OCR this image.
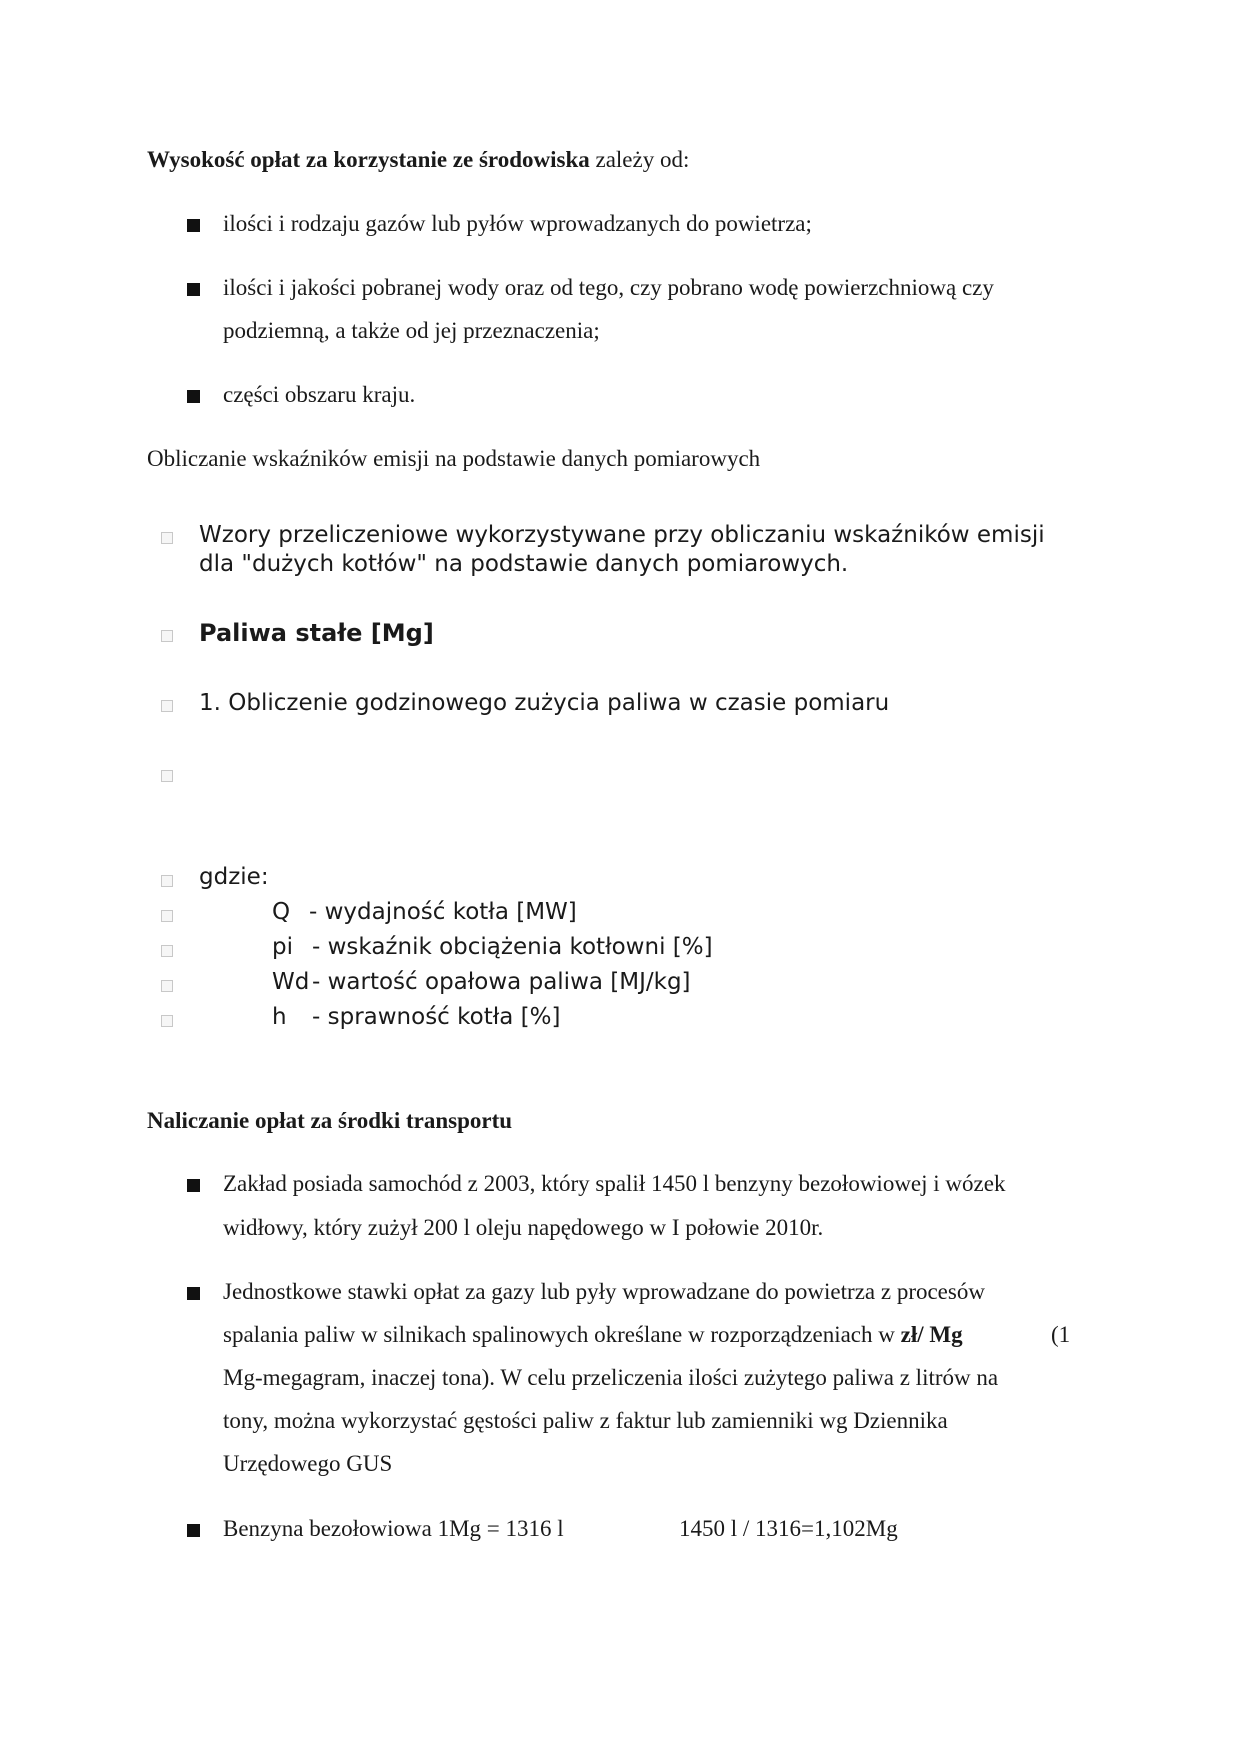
Wysokość opłat za korzystanie ze środowiska zależy od:
ilości i rodzaju gazów lub pyłów wprowadzanych do powietrza;
ilości i jakości pobranej wody oraz od tego, czy pobrano wodę powierzchniową czy
podziemną, a także od jej przeznaczenia;
części obszaru kraju.
Obliczanie wskaźników emisji na podstawie danych pomiarowych
Wzory przeliczeniowe wykorzystywane przy obliczaniu wskaźników emisji
dla "dużych kotłów" na podstawie danych pomiarowych.
Paliwa stałe [Mg]
1. Obliczenie godzinowego zużycia paliwa w czasie pomiaru
gdzie:
Q - wydajność kotła [MW]
pi - wskaźnik obciążenia kotłowni [%]
Wd - wartość opałowa paliwa [MJ/kg]
h - sprawność kotła [%]
Naliczanie opłat za środki transportu
Zakład posiada samochód z 2003, który spalił 1450 l benzyny bezołowiowej i wózek
widłowy, który zużył 200 l oleju napędowego w I połowie 2010r.
Jednostkowe stawki opłat za gazy lub pyły wprowadzane do powietrza z procesów
spalania paliw w silnikach spalinowych określane w rozporządzeniach w zł/ Mg	(1
Mg-megagram, inaczej tona). W celu przeliczenia ilości zużytego paliwa z litrów na
tony, można wykorzystać gęstości paliw z faktur lub zamienniki wg Dziennika
Urzędowego GUS
Benzyna bezołowiowa 1Mg = 1316 l	1450 l / 1316=1,102Mg
